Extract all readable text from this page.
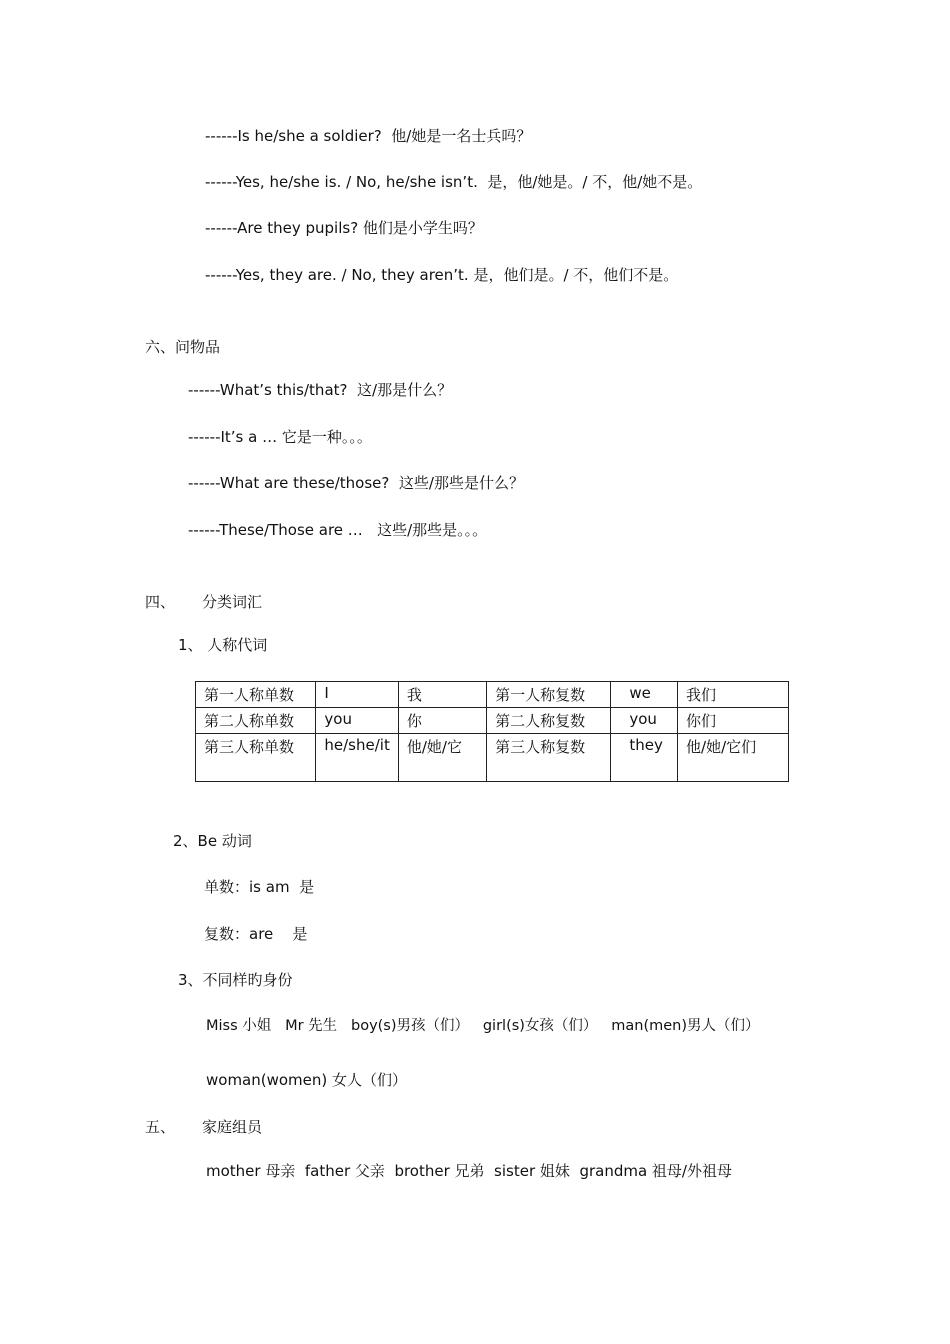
------Is he/she a soldier?  他/她是一名士兵吗？
------Yes, he/she is. / No, he/she isn’t.  是，他/她是。/ 不，他/她不是。
------Are they pupils? 他们是小学生吗？
------Yes, they are. / No, they aren’t. 是，他们是。/ 不，他们不是。
六、问物品
------What’s this/that?  这/那是什么？
------It’s a … 它是一种。。。
------What are these/those?  这些/那些是什么？
------These/Those are …   这些/那些是。。。
四、 分类词汇
1、 人称代词
第一人称单数	I	我	第一人称复数	we	我们
第二人称单数	you	你	第二人称复数	you	你们
第三人称单数	he/she/it	他/她/它	第三人称复数	they	他/她/它们
2、Be 动词
单数：is am  是
复数：are    是
3、不同样旳身份
Miss 小姐   Mr 先生   boy(s)男孩（们）   girl(s)女孩（们）   man(men)男人（们）
woman(women) 女人（们）
五、 家庭组员
mother 母亲  father 父亲  brother 兄弟  sister 姐妹  grandma 祖母/外祖母
